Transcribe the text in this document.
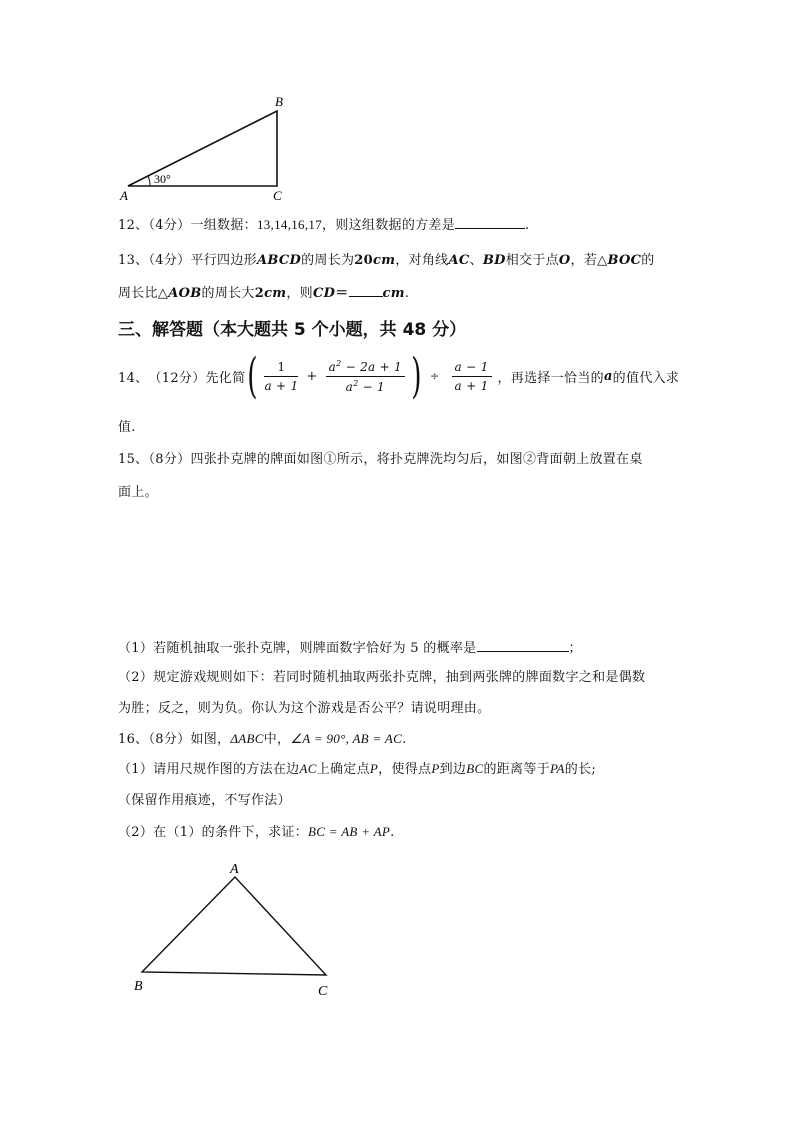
A
B
C
30°
12、（4分）一组数据：13,14,16,17，则这组数据的方差是	.
13、（4分）平行四边形ABCD的周长为20cm，对角线AC、BD相交于点O，若△BOC的
周长比△AOB的周长大2cm，则CD＝	cm.
三、解答题（本大题共 5 个小题，共 48 分）
14、 （12分） 先化简 ( $\frac{1}{a + 1} + \frac{a^2 - 2a + 1}{a^2 - 1}$ ) ÷ $\frac{a - 1}{a + 1}$ ，再选择一恰当的 a 的值代入求
值.
15、（8分）四张扑克牌的牌面如图①所示，将扑克牌洗均匀后，如图②背面朝上放置在桌
面上。
（1）若随机抽取一张扑克牌，则牌面数字恰好为 5 的概率是	；
（2）规定游戏规则如下：若同时随机抽取两张扑克牌，抽到两张牌的牌面数字之和是偶数
为胜；反之，则为负。你认为这个游戏是否公平？请说明理由。
16、（8分）如图，ΔABC中，∠A = 90°, AB = AC.
（1）请用尺规作图的方法在边AC上确定点P，使得点P到边BC的距离等于PA的长;
（保留作用痕迹，不写作法）
（2）在（1）的条件下，求证：BC = AB + AP.
A
B	C
